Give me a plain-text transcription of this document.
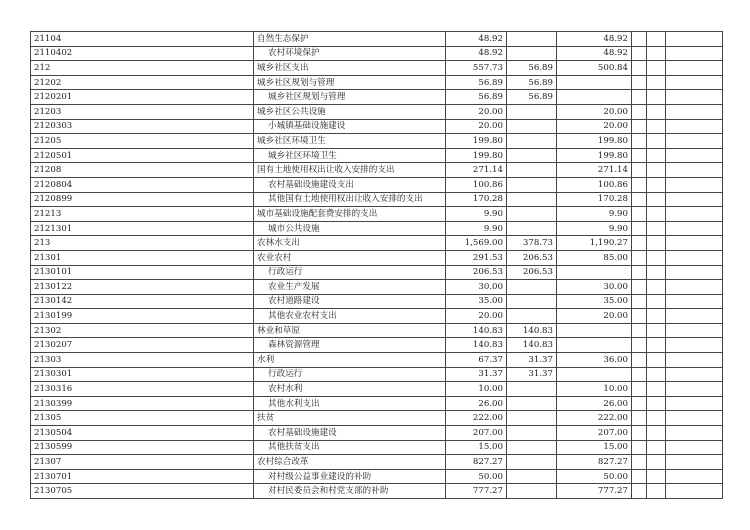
21104	自然生态保护	48.92		48.92			
2110402	农村环境保护	48.92		48.92			
212	城乡社区支出	557.73	56.89	500.84			
21202	城乡社区规划与管理	56.89	56.89				
2120201	城乡社区规划与管理	56.89	56.89				
21203	城乡社区公共设施	20.00		20.00			
2120303	小城镇基础设施建设	20.00		20.00			
21205	城乡社区环境卫生	199.80		199.80			
2120501	城乡社区环境卫生	199.80		199.80			
21208	国有土地使用权出让收入安排的支出	271.14		271.14			
2120804	农村基础设施建设支出	100.86		100.86			
2120899	其他国有土地使用权出让收入安排的支出	170.28		170.28			
21213	城市基础设施配套费安排的支出	9.90		9.90			
2121301	城市公共设施	9.90		9.90			
213	农林水支出	1,569.00	378.73	1,190.27			
21301	农业农村	291.53	206.53	85.00			
2130101	行政运行	206.53	206.53				
2130122	农业生产发展	30.00		30.00			
2130142	农村道路建设	35.00		35.00			
2130199	其他农业农村支出	20.00		20.00			
21302	林业和草原	140.83	140.83				
2130207	森林资源管理	140.83	140.83				
21303	水利	67.37	31.37	36.00			
2130301	行政运行	31.37	31.37				
2130316	农村水利	10.00		10.00			
2130399	其他水利支出	26.00		26.00			
21305	扶贫	222.00		222.00			
2130504	农村基础设施建设	207.00		207.00			
2130599	其他扶贫支出	15.00		15.00			
21307	农村综合改革	827.27		827.27			
2130701	对村级公益事业建设的补助	50.00		50.00			
2130705	对村民委员会和村党支部的补助	777.27		777.27			
